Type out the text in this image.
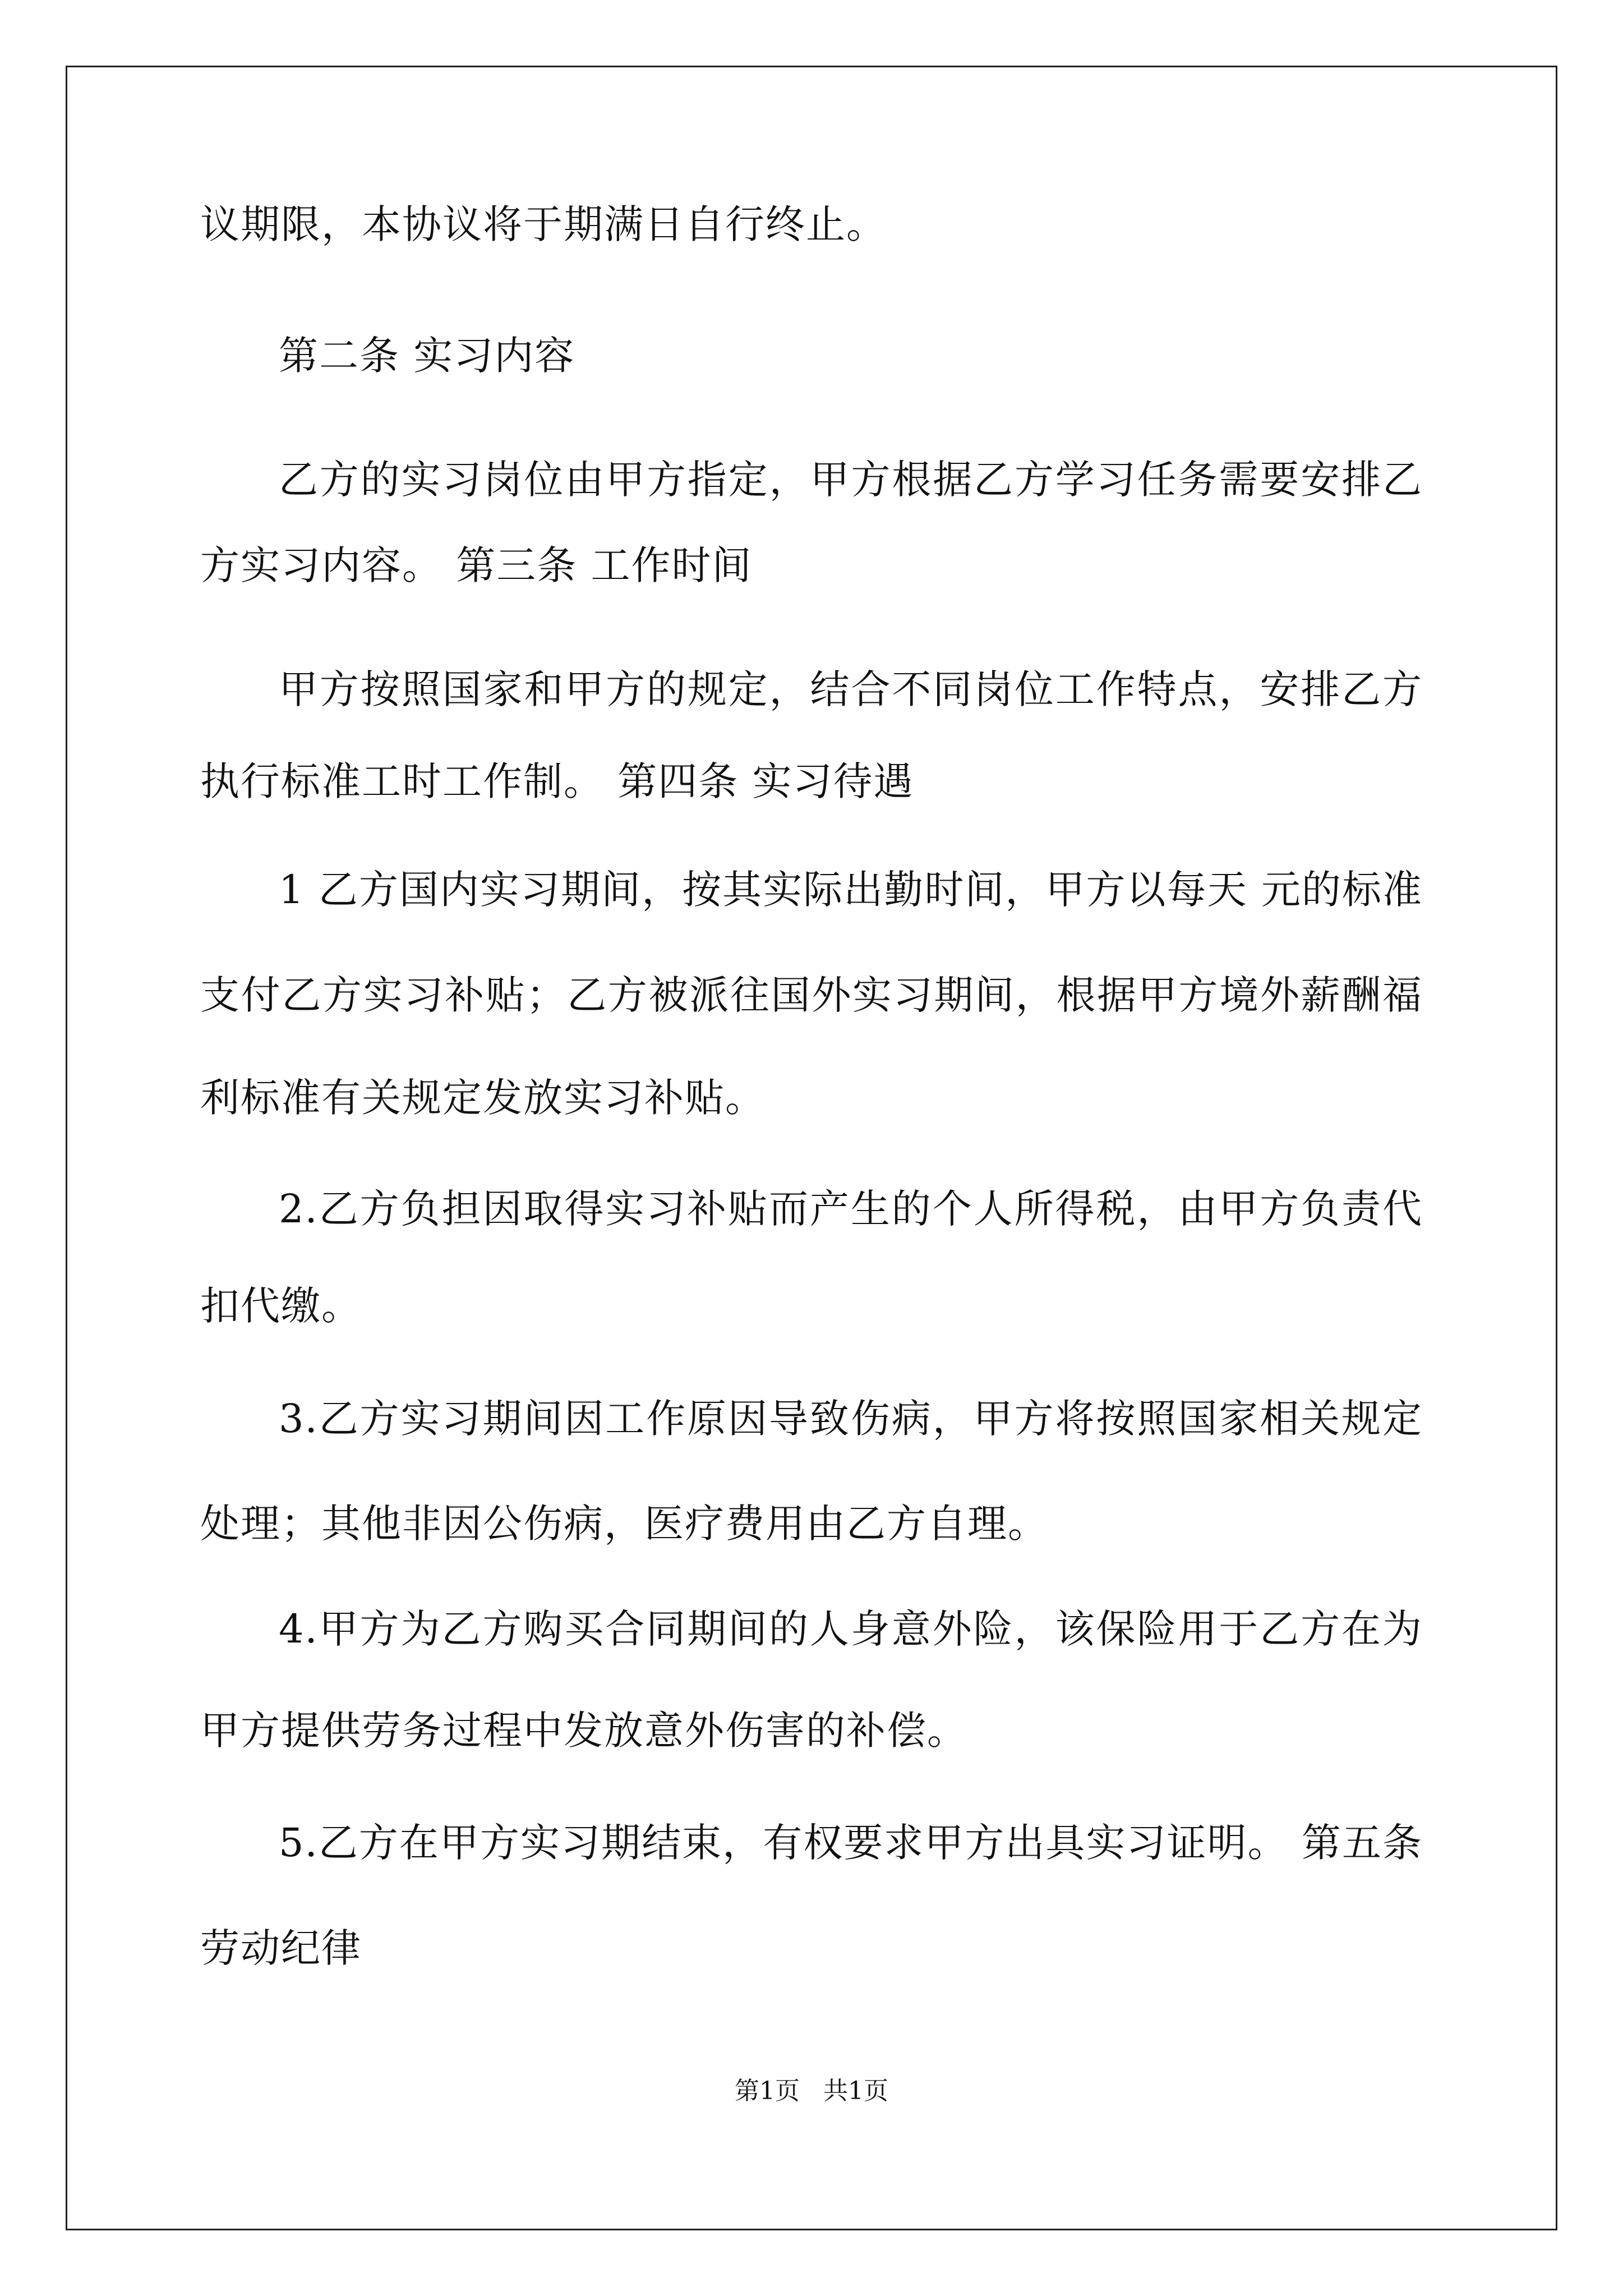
议期限，本协议将于期满日自行终止。
第二条 实习内容
乙方的实习岗位由甲方指定，甲方根据乙方学习任务需要安排乙
方实习内容。 第三条 工作时间
甲方按照国家和甲方的规定，结合不同岗位工作特点，安排乙方
执行标准工时工作制。 第四条 实习待遇
1 乙方国内实习期间，按其实际出勤时间，甲方以每天 元的标准
支付乙方实习补贴；乙方被派往国外实习期间，根据甲方境外薪酬福
利标准有关规定发放实习补贴。
2.乙方负担因取得实习补贴而产生的个人所得税，由甲方负责代
扣代缴。
3.乙方实习期间因工作原因导致伤病，甲方将按照国家相关规定
处理；其他非因公伤病，医疗费用由乙方自理。
4.甲方为乙方购买合同期间的人身意外险，该保险用于乙方在为
甲方提供劳务过程中发放意外伤害的补偿。
5.乙方在甲方实习期结束，有权要求甲方出具实习证明。 第五条
劳动纪律
第1页   共1页
